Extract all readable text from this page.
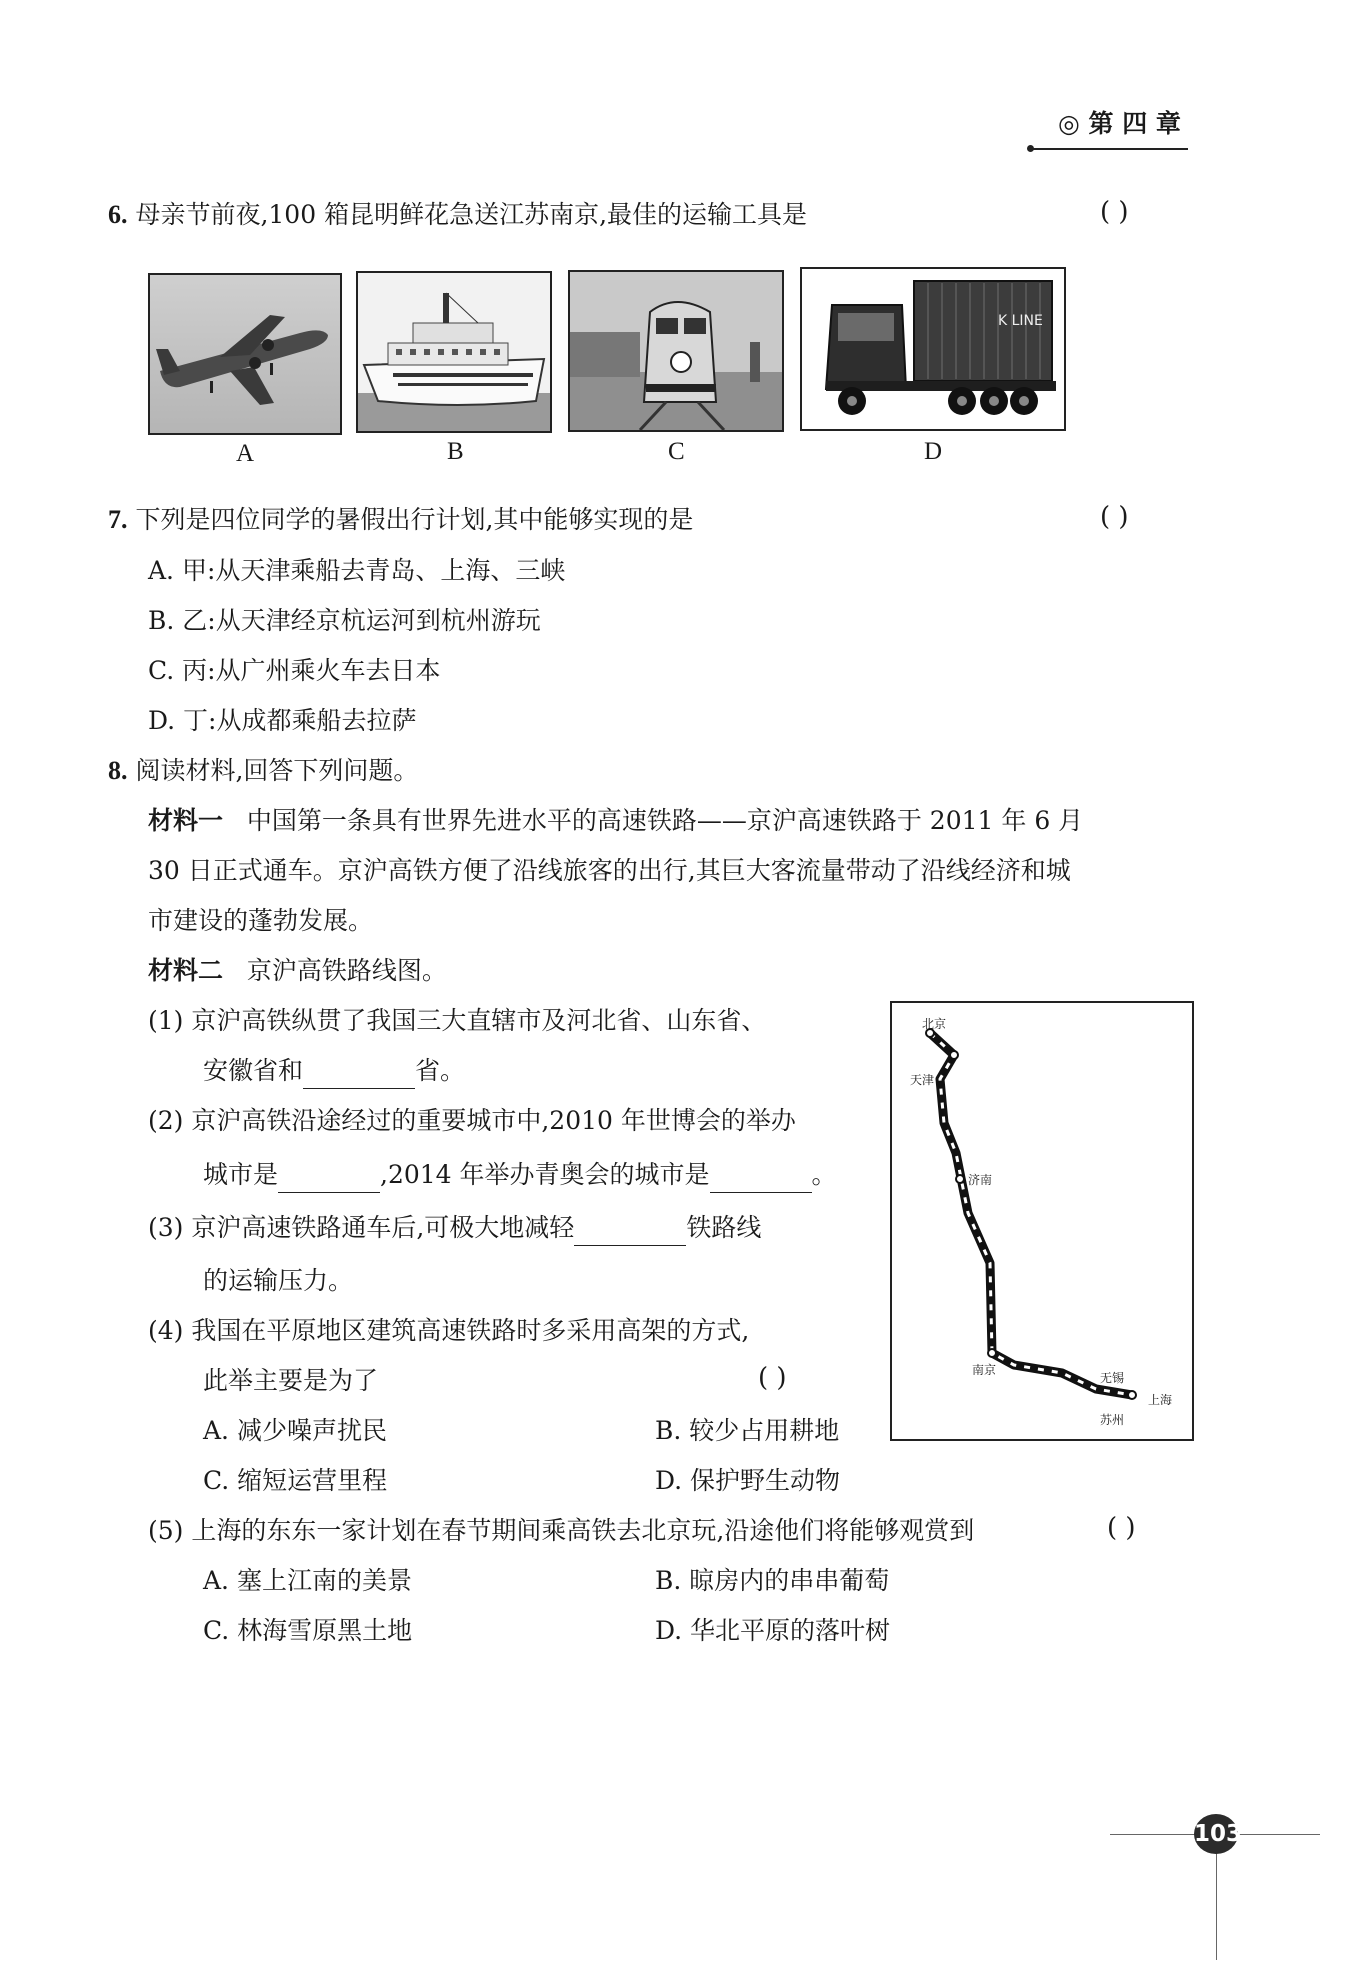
◎ 第 四 章
6. 母亲节前夜,100 箱昆明鲜花急送江苏南京,最佳的运输工具是	( )
K LINE
A	B	C	D
7. 下列是四位同学的暑假出行计划,其中能够实现的是	( )
A. 甲:从天津乘船去青岛、上海、三峡
B. 乙:从天津经京杭运河到杭州游玩
C. 丙:从广州乘火车去日本
D. 丁:从成都乘船去拉萨
8. 阅读材料,回答下列问题。
材料一 中国第一条具有世界先进水平的高速铁路——京沪高速铁路于 2011 年 6 月
30 日正式通车。京沪高铁方便了沿线旅客的出行,其巨大客流量带动了沿线经济和城
市建设的蓬勃发展。
材料二 京沪高铁路线图。
(1) 京沪高铁纵贯了我国三大直辖市及河北省、山东省、
安徽省和	省。
(2) 京沪高铁沿途经过的重要城市中,2010 年世博会的举办
城市是	,2014 年举办青奥会的城市是	。
(3) 京沪高速铁路通车后,可极大地减轻	铁路线
的运输压力。
(4) 我国在平原地区建筑高速铁路时多采用高架的方式,
此举主要是为了	( )
A. 减少噪声扰民	B. 较少占用耕地
C. 缩短运营里程	D. 保护野生动物
(5) 上海的东东一家计划在春节期间乘高铁去北京玩,沿途他们将能够观赏到	( )
A. 塞上江南的美景	B. 晾房内的串串葡萄
C. 林海雪原黑土地	D. 华北平原的落叶树
北京
天津
济南
南京
无锡
苏州
上海
103
